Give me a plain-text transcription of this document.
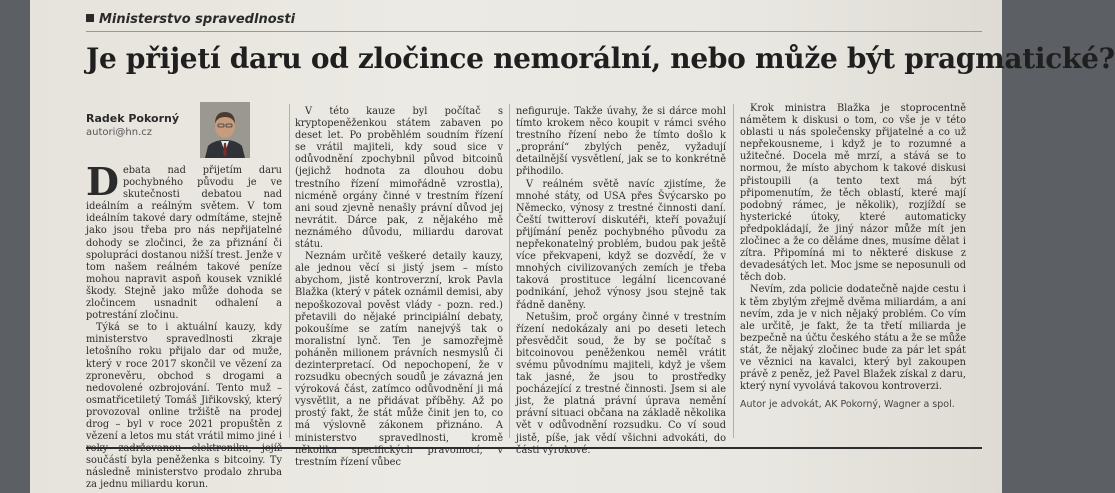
Ministerstvo spravedlnosti
Je přijetí daru od zločince nemorální, nebo může být pragmatické?
Radek Pokorný
autori@hn.cz

Debata nad přijetím daru pochybného původu je ve skutečnosti debatou nad ideálním a reálným světem. V tom ideálním takové dary odmítáme, stejně jako jsou třeba pro nás nepřijatelné dohody se zločinci, že za přiznání či spolupráci dostanou nižší trest. Jenže v tom našem reálném takové peníze mohou napravit aspoň kousek vzniklé škody. Stejně jako může dohoda se zločincem usnadnit odhalení a potrestání zločinu.

Týká se to i aktuální kauzy, kdy ministerstvo spravedlnosti zkraje letošního roku přijalo dar od muže, který v roce 2017 skončil ve vězení za zpronevěru, obchod s drogami a nedovolené ozbrojování. Tento muž – osmatřicetiletý Tomáš Jiřikovský, který provozoval online tržiště na prodej drog – byl v roce 2021 propuštěn z vězení a letos mu stát vrátil mimo jiné i roky zadržovanou elektroniku, jejíž součástí byla peněženka s bitcoiny. Ty následně ministerstvo prodalo zhruba za jednu miliardu korun.

V této kauze byl počítač s kryptopeněženkou státem zabaven po deset let. Po proběhlém soudním řízení se vrátil majiteli, kdy soud sice v odůvodnění zpochybnil původ bitcoinů (jejichž hodnota za dlouhou dobu trestního řízení mimořádně vzrostla), nicméně orgány činné v trestním řízení ani soud zjevně nenašly právní důvod jej nevrátit. Dárce pak, z nějakého mě neznámého důvodu, miliardu darovat státu.

Neznám určitě veškeré detaily kauzy, ale jednou věcí si jistý jsem – místo abychom, jistě kontroverzní, krok Pavla Blažka (který v pátek oznámil demisi, aby nepoškozoval pověst vlády - pozn. red.) přetavili do nějaké principiální debaty, pokoušíme se zatím nanejvýš tak o moralistní lynč. Ten je samozřejmě poháněn milionem právních nesmyslů či dezinterpretací. Od nepochopení, že v rozsudku obecných soudů je závazná jen výroková část, zatímco odůvodnění ji má vysvětlit, a ne přidávat příběhy. Až po prostý fakt, že stát může činit jen to, co má výslovně zákonem přiznáno. A ministerstvo spravedlnosti, kromě několika specifických pravomocí, v trestním řízení vůbec

nefiguruje. Takže úvahy, že si dárce mohl tímto krokem něco koupit v rámci svého trestního řízení nebo že tímto došlo k „proprání“ zbylých peněz, vyžadují detailnější vysvětlení, jak se to konkrétně přihodilo.

V reálném světě navíc zjistíme, že mnohé státy, od USA přes Švýcarsko po Německo, výnosy z trestné činnosti daní. Čeští twitteroví diskutéři, kteří považují přijímání peněz pochybného původu za nepřekonatelný problém, budou pak ještě více překvapeni, když se dozvědí, že v mnohých civilizovaných zemích je třeba taková prostituce legální licencované podnikání, jehož výnosy jsou stejně tak řádně daněny.

Netušim, proč orgány činné v trestním řízení nedokázaly ani po deseti letech přesvědčit soud, že by se počítač s bitcoinovou peněženkou neměl vrátit svému původnímu majiteli, když je všem tak jasné, že jsou to prostředky pocházející z trestné činnosti. Jsem si ale jist, že platná právní úprava nemění právní situaci občana na základě několika vět v odůvodnění rozsudku. Co ví soud jistě, píše, jak vědí všichni advokáti, do části výrokové.

Krok ministra Blažka je stoprocentně námětem k diskusi o tom, co vše je v této oblasti u nás společensky přijatelné a co už nepřekousneme, i když je to rozumné a užitečné. Docela mě mrzí, a stává se to normou, že místo abychom k takové diskusi přistoupili (a tento text má být připomenutím, že těch oblastí, které mají podobný rámec, je několik), rozjíždí se hysterické útoky, které automaticky předpokládají, že jiný názor může mít jen zločinec a že co děláme dnes, musíme dělat i zítra. Připomíná mi to některé diskuse z devadesátých let. Moc jsme se neposunuli od těch dob.

Nevím, zda policie dodatečně najde cestu i k těm zbylým zřejmě dvěma miliardám, a ani nevím, zda je v nich nějaký problém. Co vím ale určitě, je fakt, že ta třetí miliarda je bezpečně na účtu českého státu a že se může stát, že nějaký zločinec bude za pár let spát ve věznici na kavalci, který byl zakoupen právě z peněz, jež Pavel Blažek získal z daru, který nyní vyvolává takovou kontroverzi.

Autor je advokát, AK Pokorný, Wagner a spol.
